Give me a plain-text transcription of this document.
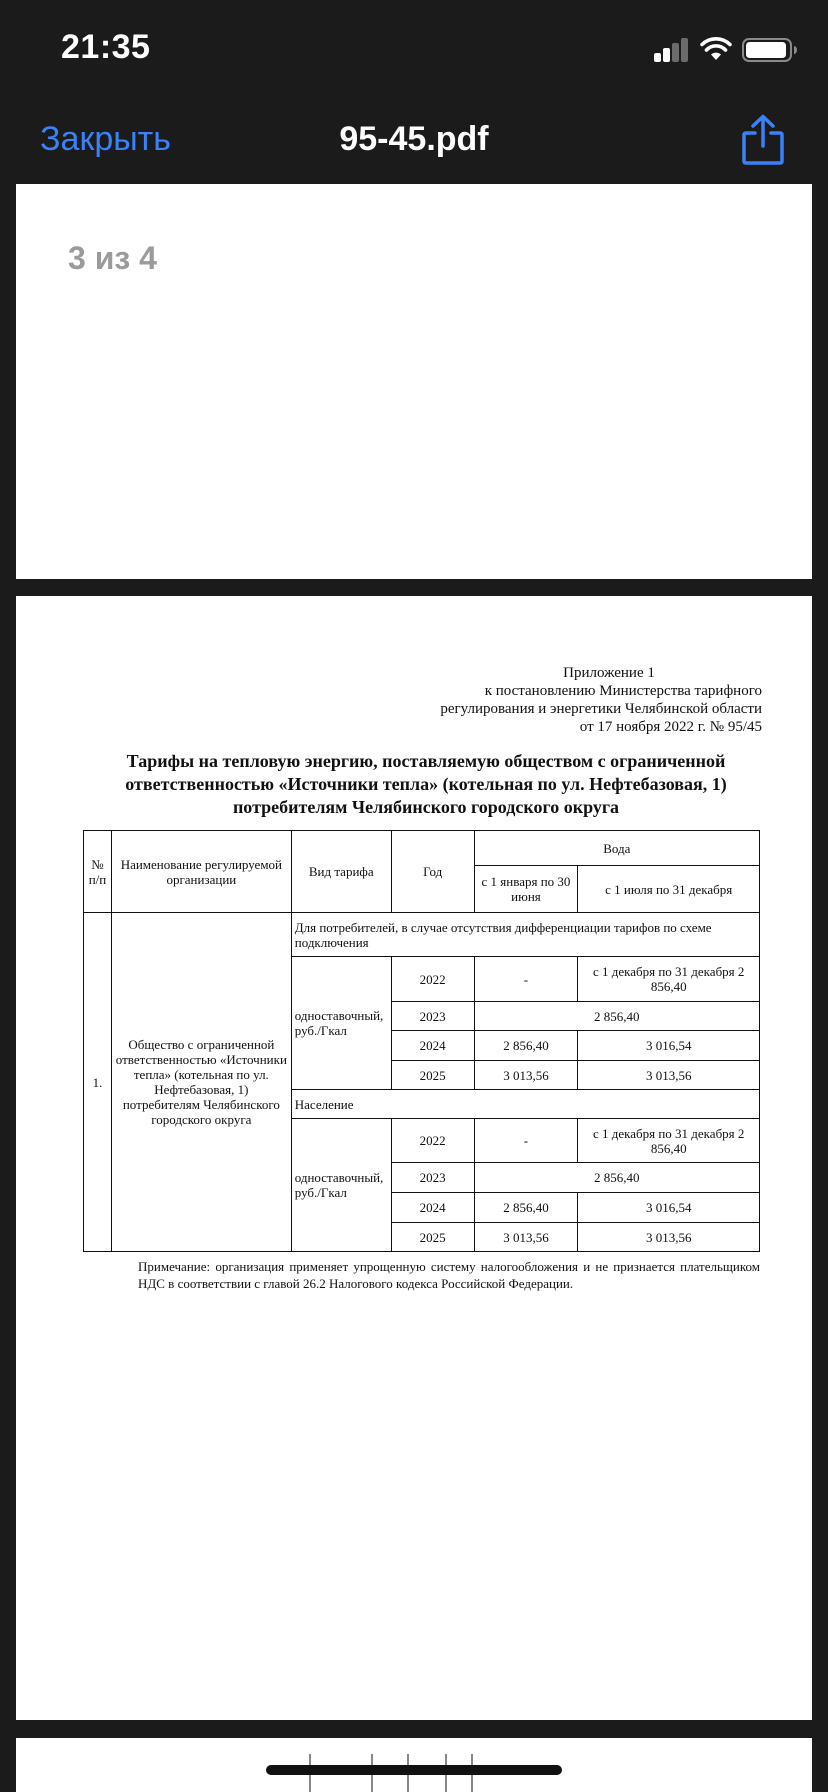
21:35
Закрыть	95-45.pdf
3 из 4
Приложение 1
к постановлению Министерства тарифного
регулирования и энергетики Челябинской области
от 17 ноября 2022 г. № 95/45
Тарифы на тепловую энергию, поставляемую обществом с ограниченной
ответственностью «Источники тепла» (котельная по ул. Нефтебазовая, 1)
потребителям Челябинского городского округа
№ п/п	Наименование регулируемой организации	Вид тарифа	Год	Вода	
				с 1 января по 30 июня	с 1 июля по 31 декабря
1.	Общество с ограниченной ответственностью «Источники тепла» (котельная по ул. Нефтебазовая, 1) потребителям Челябинского городского округа	Для потребителей, в случае отсутствия дифференциации тарифов по схеме подключения			
		одноставочный, руб./Гкал	2022	-	с 1 декабря по 31 декабря 2 856,40
			2023	2 856,40	
			2024	2 856,40	3 016,54
			2025	3 013,56	3 013,56
		Население			
		одноставочный, руб./Гкал	2022	-	с 1 декабря по 31 декабря 2 856,40
			2023	2 856,40	
			2024	2 856,40	3 016,54
			2025	3 013,56	3 013,56
Примечание: организация применяет упрощенную систему налогообложения и не признается плательщиком НДС в соответствии с главой 26.2 Налогового кодекса Российской Федерации.
